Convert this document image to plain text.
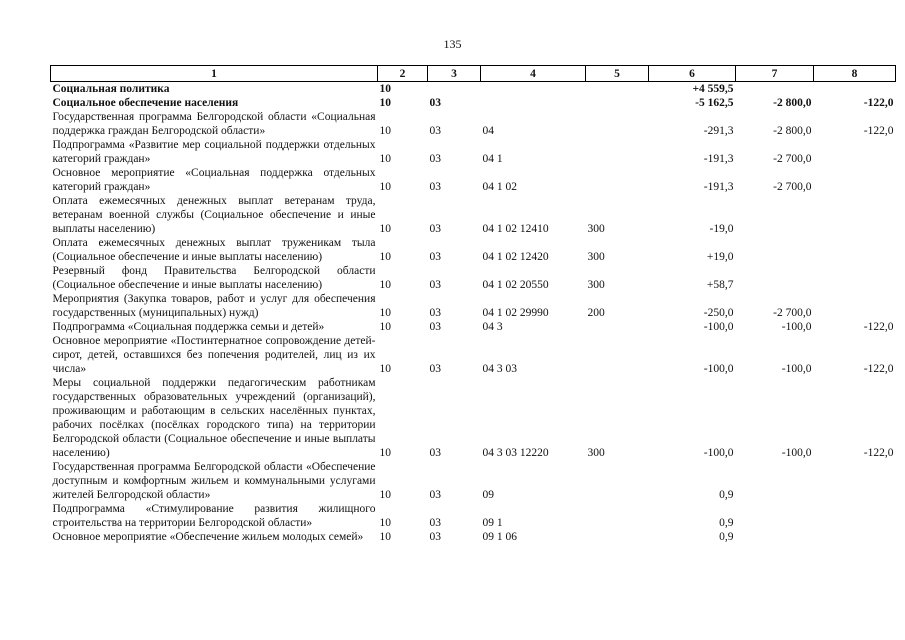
135
1	2	3	4	5	6	7	8
Социальная политика	10				+4 559,5		
Социальное обеспечение населения	10	03			-5 162,5	-2 800,0	-122,0
Государственная программа Белгородской области «Социальная поддержка граждан Белгородской области»	10	03	04		-291,3	-2 800,0	-122,0
Подпрограмма «Развитие мер социальной поддержки отдельных категорий граждан»	10	03	04 1		-191,3	-2 700,0	
Основное мероприятие «Социальная поддержка отдельных категорий граждан»	10	03	04 1 02		-191,3	-2 700,0	
Оплата ежемесячных денежных выплат ветеранам труда, ветеранам военной службы (Социальное обеспечение и иные выплаты населению)	10	03	04 1 02 12410	300	-19,0		
Оплата ежемесячных денежных выплат труженикам тыла (Социальное обеспечение и иные выплаты населению)	10	03	04 1 02 12420	300	+19,0		
Резервный фонд Правительства Белгородской области (Социальное обеспечение и иные выплаты населению)	10	03	04 1 02 20550	300	+58,7		
Мероприятия (Закупка товаров, работ и услуг для обеспечения государственных (муниципальных) нужд)	10	03	04 1 02 29990	200	-250,0	-2 700,0	
Подпрограмма «Социальная поддержка семьи и детей»	10	03	04 3		-100,0	-100,0	-122,0
Основное мероприятие «Постинтернатное сопровождение детей-сирот, детей, оставшихся без попечения родителей, лиц из их числа»	10	03	04 3 03		-100,0	-100,0	-122,0
Меры социальной поддержки педагогическим работникам государственных образовательных учреждений (организаций), проживающим и работающим в сельских населённых пунктах, рабочих посёлках (посёлках городского типа) на территории Белгородской области (Социальное обеспечение и иные выплаты населению)	10	03	04 3 03 12220	300	-100,0	-100,0	-122,0
Государственная программа Белгородской области «Обеспечение доступным и комфортным жильем и коммунальными услугами жителей Белгородской области»	10	03	09		0,9		
Подпрограмма «Стимулирование развития жилищного строительства на территории Белгородской области»	10	03	09 1		0,9		
Основное мероприятие «Обеспечение жильем молодых семей»	10	03	09 1 06		0,9		
